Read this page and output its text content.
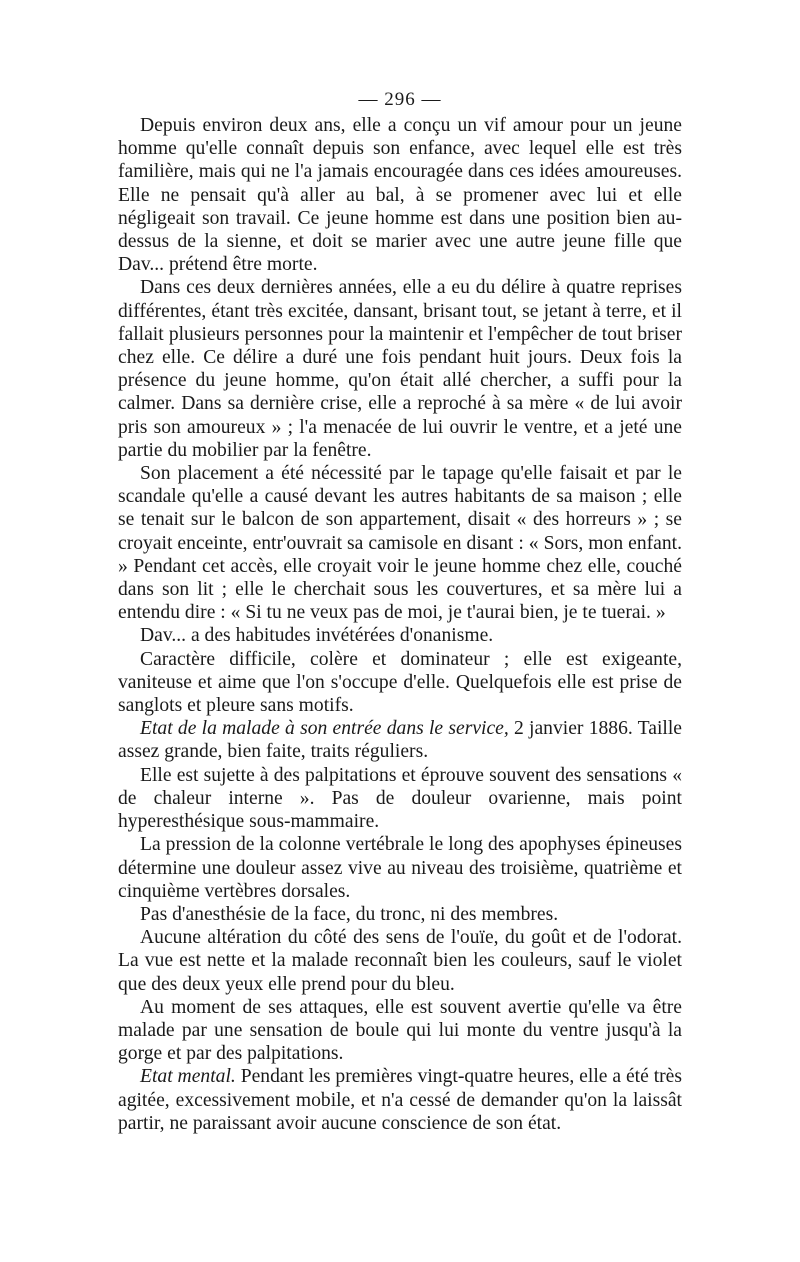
— 296 —

Depuis environ deux ans, elle a conçu un vif amour pour un jeune homme qu'elle connaît depuis son enfance, avec lequel elle est très familière, mais qui ne l'a jamais encouragée dans ces idées amoureuses. Elle ne pensait qu'à aller au bal, à se promener avec lui et elle négligeait son travail. Ce jeune homme est dans une position bien au-dessus de la sienne, et doit se marier avec une autre jeune fille que Dav... prétend être morte.

Dans ces deux dernières années, elle a eu du délire à quatre reprises différentes, étant très excitée, dansant, brisant tout, se jetant à terre, et il fallait plusieurs personnes pour la maintenir et l'empêcher de tout briser chez elle. Ce délire a duré une fois pendant huit jours. Deux fois la présence du jeune homme, qu'on était allé chercher, a suffi pour la calmer. Dans sa dernière crise, elle a reproché à sa mère « de lui avoir pris son amoureux » ; l'a menacée de lui ouvrir le ventre, et a jeté une partie du mobilier par la fenêtre.

Son placement a été nécessité par le tapage qu'elle faisait et par le scandale qu'elle a causé devant les autres habitants de sa maison ; elle se tenait sur le balcon de son appartement, disait « des horreurs » ; se croyait enceinte, entr'ouvrait sa camisole en disant : « Sors, mon enfant. » Pendant cet accès, elle croyait voir le jeune homme chez elle, couché dans son lit ; elle le cherchait sous les couvertures, et sa mère lui a entendu dire : « Si tu ne veux pas de moi, je t'aurai bien, je te tuerai. »

Dav... a des habitudes invétérées d'onanisme.

Caractère difficile, colère et dominateur ; elle est exigeante, vaniteuse et aime que l'on s'occupe d'elle. Quelquefois elle est prise de sanglots et pleure sans motifs.

Etat de la malade à son entrée dans le service, 2 janvier 1886. Taille assez grande, bien faite, traits réguliers.

Elle est sujette à des palpitations et éprouve souvent des sensations « de chaleur interne ». Pas de douleur ovarienne, mais point hyperesthésique sous-mammaire.

La pression de la colonne vertébrale le long des apophyses épineuses détermine une douleur assez vive au niveau des troisième, quatrième et cinquième vertèbres dorsales.

Pas d'anesthésie de la face, du tronc, ni des membres.

Aucune altération du côté des sens de l'ouïe, du goût et de l'odorat. La vue est nette et la malade reconnaît bien les couleurs, sauf le violet que des deux yeux elle prend pour du bleu.

Au moment de ses attaques, elle est souvent avertie qu'elle va être malade par une sensation de boule qui lui monte du ventre jusqu'à la gorge et par des palpitations.

Etat mental. Pendant les premières vingt-quatre heures, elle a été très agitée, excessivement mobile, et n'a cessé de demander qu'on la laissât partir, ne paraissant avoir aucune conscience de son état.
